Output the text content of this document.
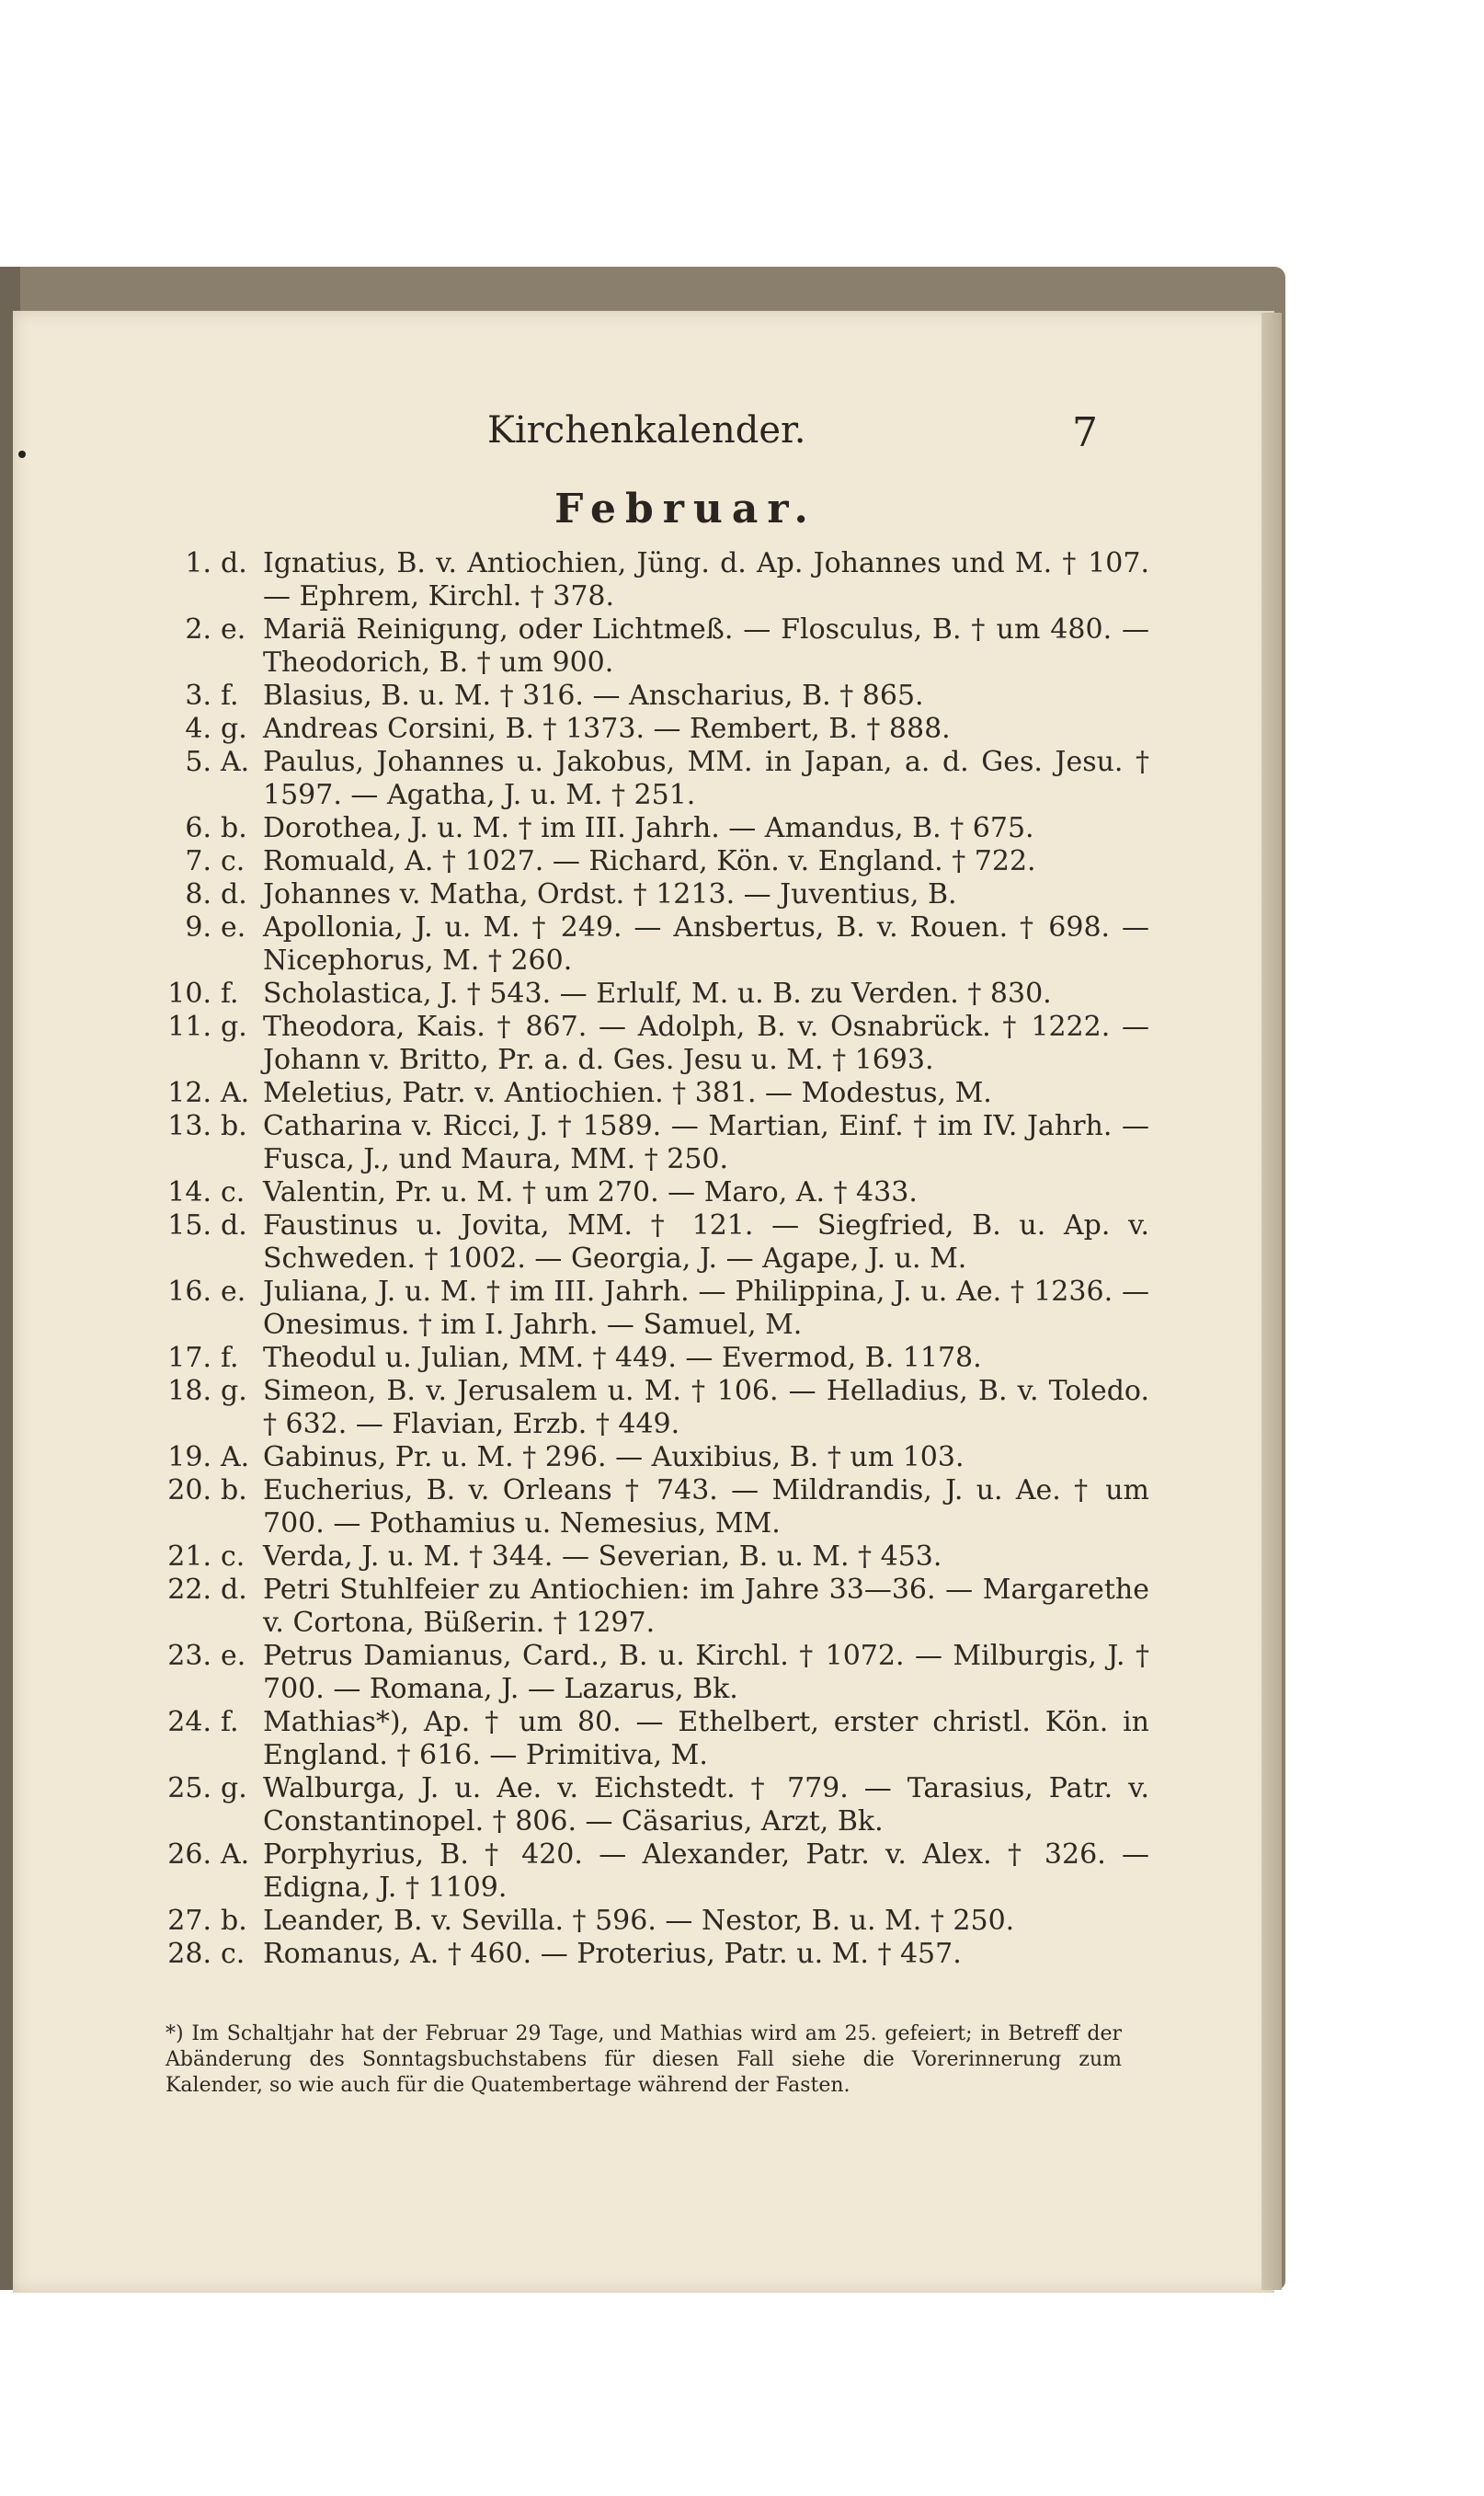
Kirchenkalender.	7
Februar.
1. d. Ignatius, B. v. Antiochien, Jüng. d. Ap. Johannes und M. † 107. — Ephrem, Kirchl. † 378.
2. e. Mariä Reinigung, oder Lichtmeß. — Flosculus, B. † um 480. — Theodorich, B. † um 900.
3. f. Blasius, B. u. M. † 316. — Anscharius, B. † 865.
4. g. Andreas Corsini, B. † 1373. — Rembert, B. † 888.
5. A. Paulus, Johannes u. Jakobus, MM. in Japan, a. d. Ges. Jesu. † 1597. — Agatha, J. u. M. † 251.
6. b. Dorothea, J. u. M. † im III. Jahrh. — Amandus, B. † 675.
7. c. Romuald, A. † 1027. — Richard, Kön. v. England. † 722.
8. d. Johannes v. Matha, Ordst. † 1213. — Juventius, B.
9. e. Apollonia, J. u. M. † 249. — Ansbertus, B. v. Rouen. † 698. — Nicephorus, M. † 260.
10. f. Scholastica, J. † 543. — Erlulf, M. u. B. zu Verden. † 830.
11. g. Theodora, Kais. † 867. — Adolph, B. v. Osnabrück. † 1222. — Johann v. Britto, Pr. a. d. Ges. Jesu u. M. † 1693.
12. A. Meletius, Patr. v. Antiochien. † 381. — Modestus, M.
13. b. Catharina v. Ricci, J. † 1589. — Martian, Einf. † im IV. Jahrh. — Fusca, J., und Maura, MM. † 250.
14. c. Valentin, Pr. u. M. † um 270. — Maro, A. † 433.
15. d. Faustinus u. Jovita, MM. † 121. — Siegfried, B. u. Ap. v. Schweden. † 1002. — Georgia, J. — Agape, J. u. M.
16. e. Juliana, J. u. M. † im III. Jahrh. — Philippina, J. u. Ae. † 1236. — Onesimus. † im I. Jahrh. — Samuel, M.
17. f. Theodul u. Julian, MM. † 449. — Evermod, B. 1178.
18. g. Simeon, B. v. Jerusalem u. M. † 106. — Helladius, B. v. Toledo. † 632. — Flavian, Erzb. † 449.
19. A. Gabinus, Pr. u. M. † 296. — Auxibius, B. † um 103.
20. b. Eucherius, B. v. Orleans † 743. — Mildrandis, J. u. Ae. † um 700. — Pothamius u. Nemesius, MM.
21. c. Verda, J. u. M. † 344. — Severian, B. u. M. † 453.
22. d. Petri Stuhlfeier zu Antiochien: im Jahre 33—36. — Margarethe v. Cortona, Büßerin. † 1297.
23. e. Petrus Damianus, Card., B. u. Kirchl. † 1072. — Milburgis, J. † 700. — Romana, J. — Lazarus, Bk.
24. f. Mathias*), Ap. † um 80. — Ethelbert, erster christl. Kön. in England. † 616. — Primitiva, M.
25. g. Walburga, J. u. Ae. v. Eichstedt. † 779. — Tarasius, Patr. v. Constantinopel. † 806. — Cäsarius, Arzt, Bk.
26. A. Porphyrius, B. † 420. — Alexander, Patr. v. Alex. † 326. — Edigna, J. † 1109.
27. b. Leander, B. v. Sevilla. † 596. — Nestor, B. u. M. † 250.
28. c. Romanus, A. † 460. — Proterius, Patr. u. M. † 457.
*) Im Schaltjahr hat der Februar 29 Tage, und Mathias wird am 25. gefeiert; in Betreff der Abänderung des Sonntagsbuchstabens für diesen Fall siehe die Vorerinnerung zum Kalender, so wie auch für die Quatembertage während der Fasten.
